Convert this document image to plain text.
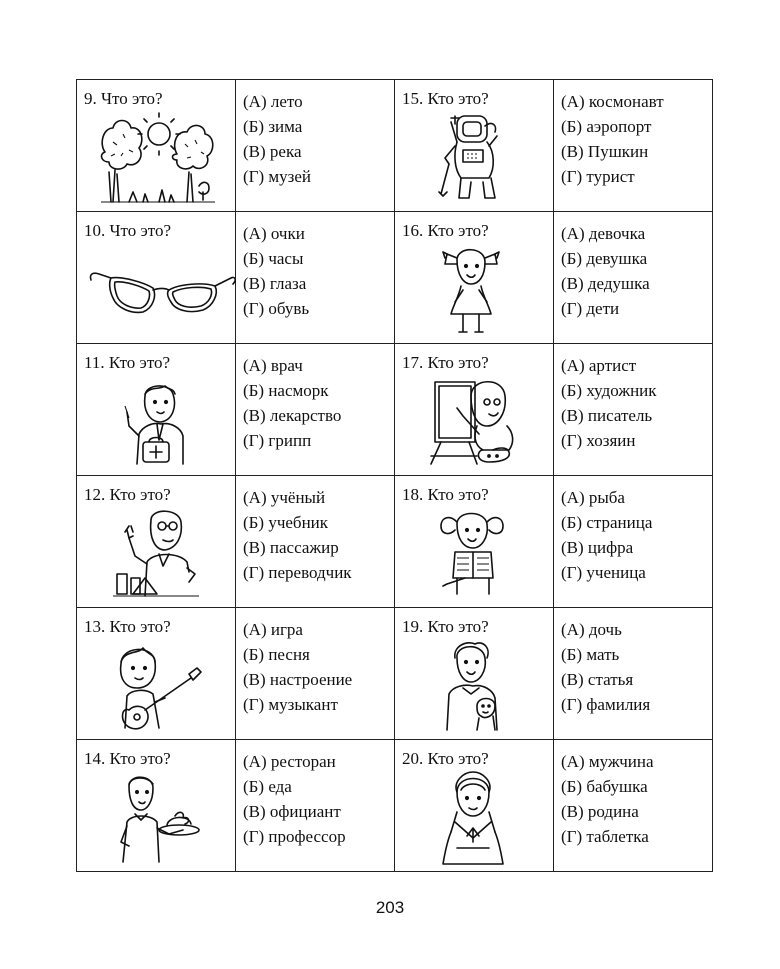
9. Что это?	(А) лето
(Б) зима
(В) река
(Г) музей	15. Кто это?	(А) космонавт
(Б) аэропорт
(В) Пушкин
(Г) турист

10. Что это?	(А) очки
(Б) часы
(В) глаза
(Г) обувь	16. Кто это?	(А) девочка
(Б) девушка
(В) дедушка
(Г) дети

11. Кто это?	(А) врач
(Б) насморк
(В) лекарство
(Г) грипп	17. Кто это?	(А) артист
(Б) художник
(В) писатель
(Г) хозяин

12. Кто это?	(А) учёный
(Б) учебник
(В) пассажир
(Г) переводчик	18. Кто это?	(А) рыба
(Б) страница
(В) цифра
(Г) ученица

13. Кто это?	(А) игра
(Б) песня
(В) настроение
(Г) музыкант	19. Кто это?	(А) дочь
(Б) мать
(В) статья
(Г) фамилия

14. Кто это?	(А) ресторан
(Б) еда
(В) официант
(Г) профессор	20. Кто это?	(А) мужчина
(Б) бабушка
(В) родина
(Г) таблетка
203
